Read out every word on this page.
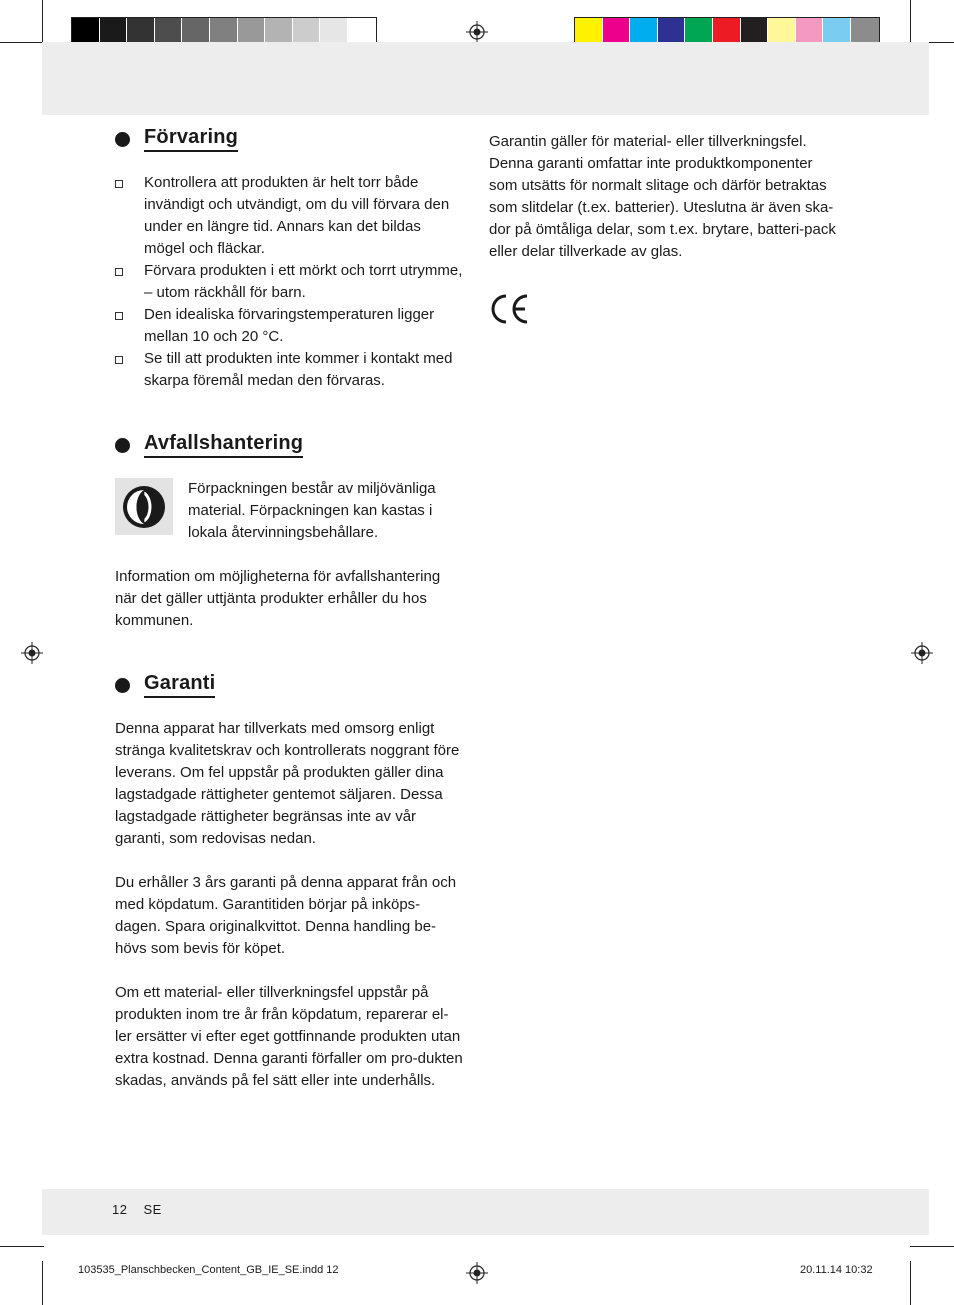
Förvaring
Kontrollera att produkten är helt torr både invändigt och utvändigt, om du vill förvara den under en längre tid. Annars kan det bildas mögel och fläckar.
Förvara produkten i ett mörkt och torrt utrymme, – utom räckhåll för barn.
Den idealiska förvaringstemperaturen ligger mellan 10 och 20 °C.
Se till att produkten inte kommer i kontakt med skarpa föremål medan den förvaras.
Avfallshantering

Förpackningen består av miljövänliga material. Förpackningen kan kastas i lokala återvinningsbehållare.

Information om möjligheterna för avfallshantering när det gäller uttjänta produkter erhåller du hos kommunen.

Garanti

Denna apparat har tillverkats med omsorg enligt stränga kvalitetskrav och kontrollerats noggrant före leverans. Om fel uppstår på produkten gäller dina lagstadgade rättigheter gentemot säljaren. Dessa lagstadgade rättigheter begränsas inte av vår garanti, som redovisas nedan.

Du erhåller 3 års garanti på denna apparat från och med köpdatum. Garantitiden börjar på inköps-dagen. Spara originalkvittot. Denna handling be-hövs som bevis för köpet.

Om ett material- eller tillverkningsfel uppstår på produkten inom tre år från köpdatum, reparerar el-ler ersätter vi efter eget gottfinnande produkten utan extra kostnad. Denna garanti förfaller om pro-dukten skadas, används på fel sätt eller inte underhålls.

Garantin gäller för material- eller tillverkningsfel. Denna garanti omfattar inte produktkomponenter som utsätts för normalt slitage och därför betraktas som slitdelar (t.ex. batterier). Uteslutna är även ska-dor på ömtåliga delar, som t.ex. brytare, batteri-pack eller delar tillverkade av glas.

12 SE
103535_Planschbecken_Content_GB_IE_SE.indd 12	20.11.14 10:32
